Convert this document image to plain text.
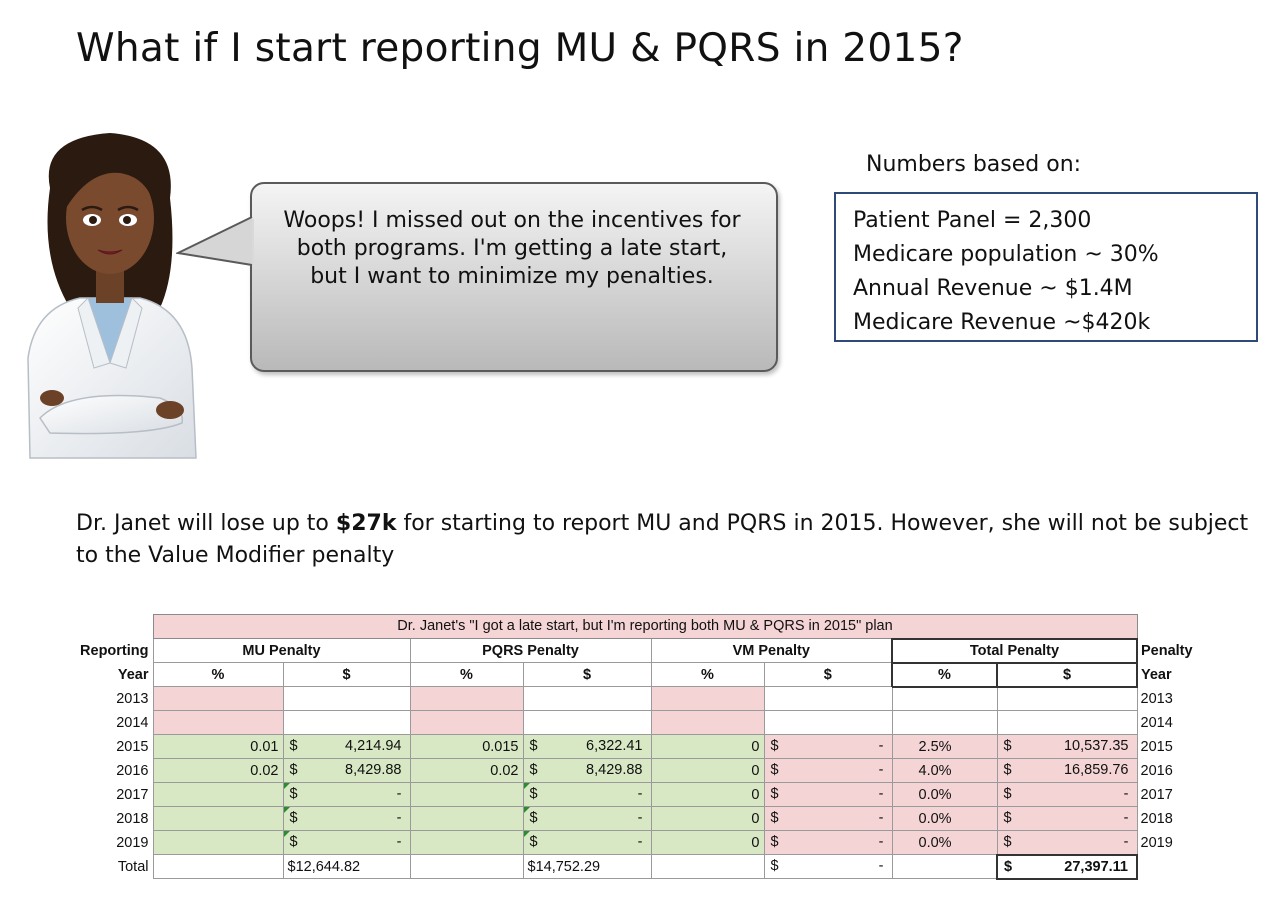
What if I start reporting MU & PQRS in 2015?
Woops! I missed out on the incentives for both programs. I'm getting a late start, but I want to minimize my penalties.
Numbers based on:
Patient Panel = 2,300
Medicare population ~ 30%
Annual Revenue ~ $1.4M
Medicare Revenue ~$420k
Dr. Janet will lose up to $27k for starting to report MU and PQRS in 2015. However, she will not be subject to the Value Modifier penalty
	Dr. Janet's "I got a late start, but I'm reporting both MU & PQRS in 2015" plan								
Reporting	MU Penalty		PQRS Penalty		VM Penalty		Total Penalty		Penalty
Year	%	$	%	$	%	$	%	$	Year
2013									2013
2014									2014
2015	0.01	$ 4,214.94	0.015	$ 6,322.41	0	$ -	2.5%	$ 10,537.35	2015
2016	0.02	$ 8,429.88	0.02	$ 8,429.88	0	$ -	4.0%	$ 16,859.76	2016
2017		$ -		$ -	0	$ -	0.0%	$ -	2017
2018		$ -		$ -	0	$ -	0.0%	$ -	2018
2019		$ -		$ -	0	$ -	0.0%	$ -	2019
Total		$12,644.82		$14,752.29		$ -		$ 27,397.11	
